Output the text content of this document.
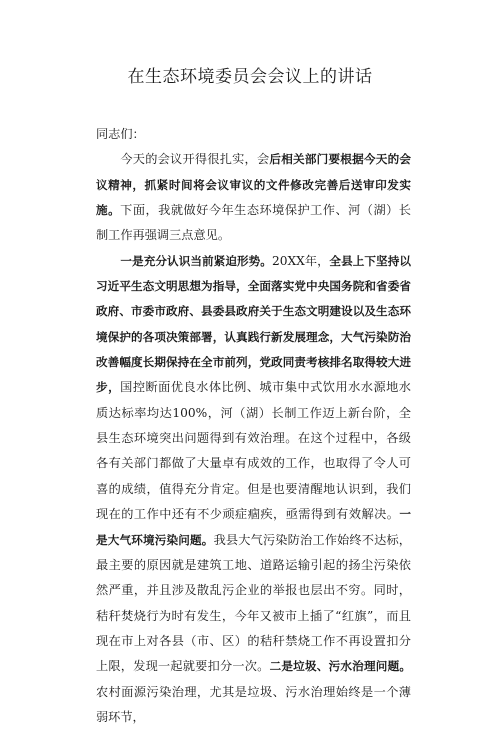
在生态环境委员会会议上的讲话

同志们：

今天的会议开得很扎实，会后相关部门要根据今天的会议精神，抓紧时间将会议审议的文件修改完善后送审印发实施。下面，我就做好今年生态环境保护工作、河（湖）长制工作再强调三点意见。

一是充分认识当前紧迫形势。20XX年，全县上下坚持以习近平生态文明思想为指导，全面落实党中央国务院和省委省政府、市委市政府、县委县政府关于生态文明建设以及生态环境保护的各项决策部署，认真践行新发展理念，大气污染防治改善幅度长期保持在全市前列，党政同责考核排名取得较大进步，国控断面优良水体比例、城市集中式饮用水水源地水质达标率均达100%，河（湖）长制工作迈上新台阶，全县生态环境突出问题得到有效治理。在这个过程中，各级各有关部门都做了大量卓有成效的工作，也取得了令人可喜的成绩，值得充分肯定。但是也要清醒地认识到，我们现在的工作中还有不少顽症痼疾，亟需得到有效解决。一是大气环境污染问题。我县大气污染防治工作始终不达标，最主要的原因就是建筑工地、道路运输引起的扬尘污染依然严重，并且涉及散乱污企业的举报也层出不穷。同时，秸秆焚烧行为时有发生，今年又被市上插了“红旗”，而且现在市上对各县（市、区）的秸秆禁烧工作不再设置扣分上限，发现一起就要扣分一次。二是垃圾、污水治理问题。农村面源污染治理，尤其是垃圾、污水治理始终是一个薄弱环节，
